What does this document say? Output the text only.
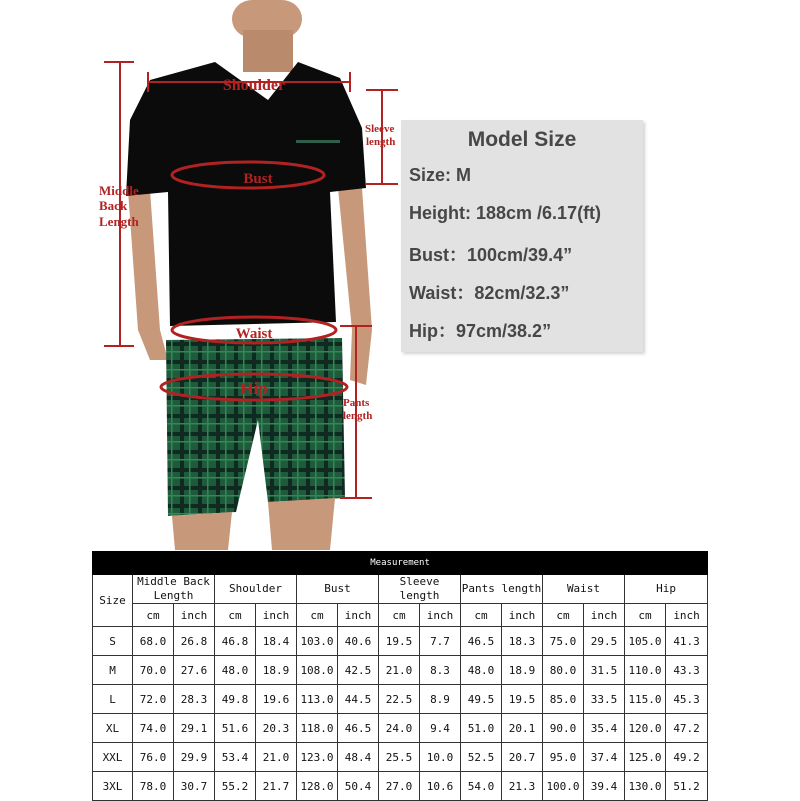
Shoulder
Bust
Waist
Hip
Middle
Back
Length
Sleeve
length
Pants
length
Model Size
Size: M
Height: 188cm /6.17(ft)
Bust：100cm/39.4”
Waist：82cm/32.3”
Hip：97cm/38.2”
Measurement														
Size	Middle Back Length		Shoulder		Bust		Sleeve length		Pants length		Waist		Hip	
	cm	inch	cm	inch	cm	inch	cm	inch	cm	inch	cm	inch	cm	inch
S	68.0	26.8	46.8	18.4	103.0	40.6	19.5	7.7	46.5	18.3	75.0	29.5	105.0	41.3
M	70.0	27.6	48.0	18.9	108.0	42.5	21.0	8.3	48.0	18.9	80.0	31.5	110.0	43.3
L	72.0	28.3	49.8	19.6	113.0	44.5	22.5	8.9	49.5	19.5	85.0	33.5	115.0	45.3
XL	74.0	29.1	51.6	20.3	118.0	46.5	24.0	9.4	51.0	20.1	90.0	35.4	120.0	47.2
XXL	76.0	29.9	53.4	21.0	123.0	48.4	25.5	10.0	52.5	20.7	95.0	37.4	125.0	49.2
3XL	78.0	30.7	55.2	21.7	128.0	50.4	27.0	10.6	54.0	21.3	100.0	39.4	130.0	51.2
